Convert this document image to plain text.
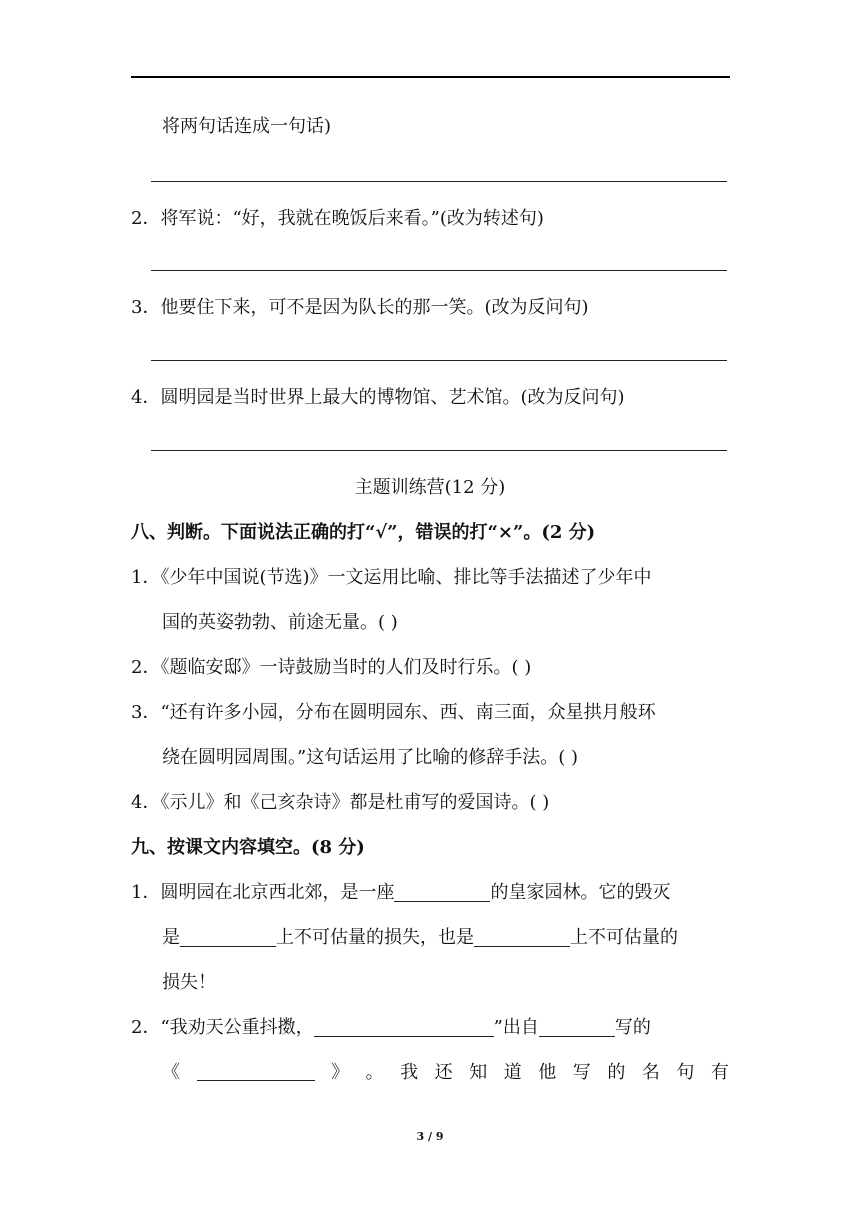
将两句话连成一句话)
2．将军说：“好，我就在晚饭后来看。”(改为转述句)
3．他要住下来，可不是因为队长的那一笑。(改为反问句)
4．圆明园是当时世界上最大的博物馆、艺术馆。(改为反问句)
主题训练营(12 分)
八、判断。下面说法正确的打“√”，错误的打“×”。(2 分)
1．《少年中国说(节选)》一文运用比喻、排比等手法描述了少年中
国的英姿勃勃、前途无量。( )
2．《题临安邸》一诗鼓励当时的人们及时行乐。( )
3．“还有许多小园，分布在圆明园东、西、南三面，众星拱月般环
绕在圆明园周围。”这句话运用了比喻的修辞手法。( )
4．《示儿》和《己亥杂诗》都是杜甫写的爱国诗。( )
九、按课文内容填空。(8 分)
1．圆明园在北京西北郊，是一座	的皇家园林。它的毁灭
是	上不可估量的损失，也是	上不可估量的
损失！
2．“我劝天公重抖擞，	”出自	写的
《	》 。 我 还 知 道 他 写 的 名 句 有
3 / 9
